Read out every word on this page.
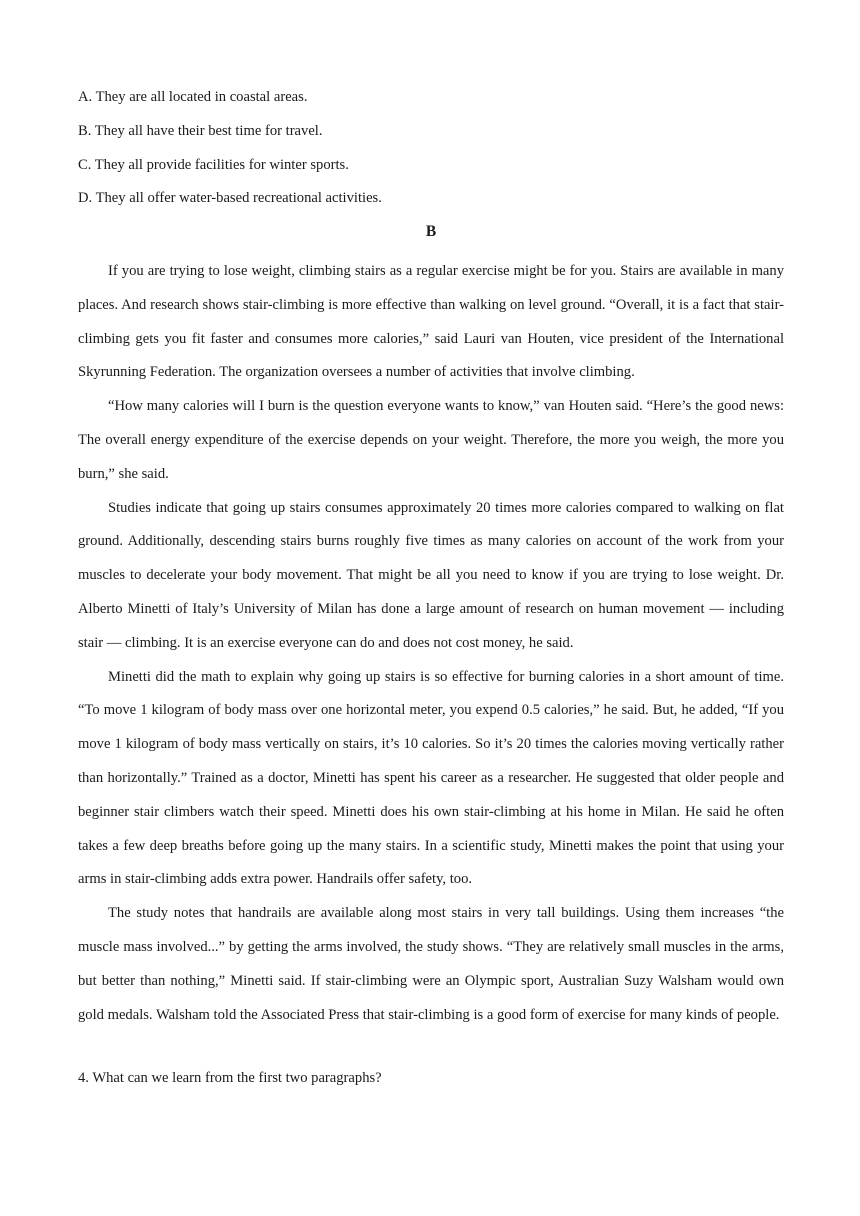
A. They are all located in coastal areas.
B. They all have their best time for travel.
C. They all provide facilities for winter sports.
D. They all offer water-based recreational activities.
B

If you are trying to lose weight, climbing stairs as a regular exercise might be for you. Stairs are available in many places. And research shows stair-climbing is more effective than walking on level ground. “Overall, it is a fact that stair-climbing gets you fit faster and consumes more calories,” said Lauri van Houten, vice president of the International Skyrunning Federation. The organization oversees a number of activities that involve climbing.

“How many calories will I burn is the question everyone wants to know,” van Houten said. “Here’s the good news: The overall energy expenditure of the exercise depends on your weight. Therefore, the more you weigh, the more you burn,” she said.

Studies indicate that going up stairs consumes approximately 20 times more calories compared to walking on flat ground. Additionally, descending stairs burns roughly five times as many calories on account of the work from your muscles to decelerate your body movement. That might be all you need to know if you are trying to lose weight. Dr. Alberto Minetti of Italy’s University of Milan has done a large amount of research on human movement — including stair — climbing. It is an exercise everyone can do and does not cost money, he said.

Minetti did the math to explain why going up stairs is so effective for burning calories in a short amount of time. “To move 1 kilogram of body mass over one horizontal meter, you expend 0.5 calories,” he said. But, he added, “If you move 1 kilogram of body mass vertically on stairs, it’s 10 calories. So it’s 20 times the calories moving vertically rather than horizontally.” Trained as a doctor, Minetti has spent his career as a researcher. He suggested that older people and beginner stair climbers watch their speed. Minetti does his own stair-climbing at his home in Milan. He said he often takes a few deep breaths before going up the many stairs. In a scientific study, Minetti makes the point that using your arms in stair-climbing adds extra power. Handrails offer safety, too.

The study notes that handrails are available along most stairs in very tall buildings. Using them increases “the muscle mass involved...” by getting the arms involved, the study shows. “They are relatively small muscles in the arms, but better than nothing,” Minetti said. If stair-climbing were an Olympic sport, Australian Suzy Walsham would own gold medals. Walsham told the Associated Press that stair-climbing is a good form of exercise for many kinds of people.

4. What can we learn from the first two paragraphs?
